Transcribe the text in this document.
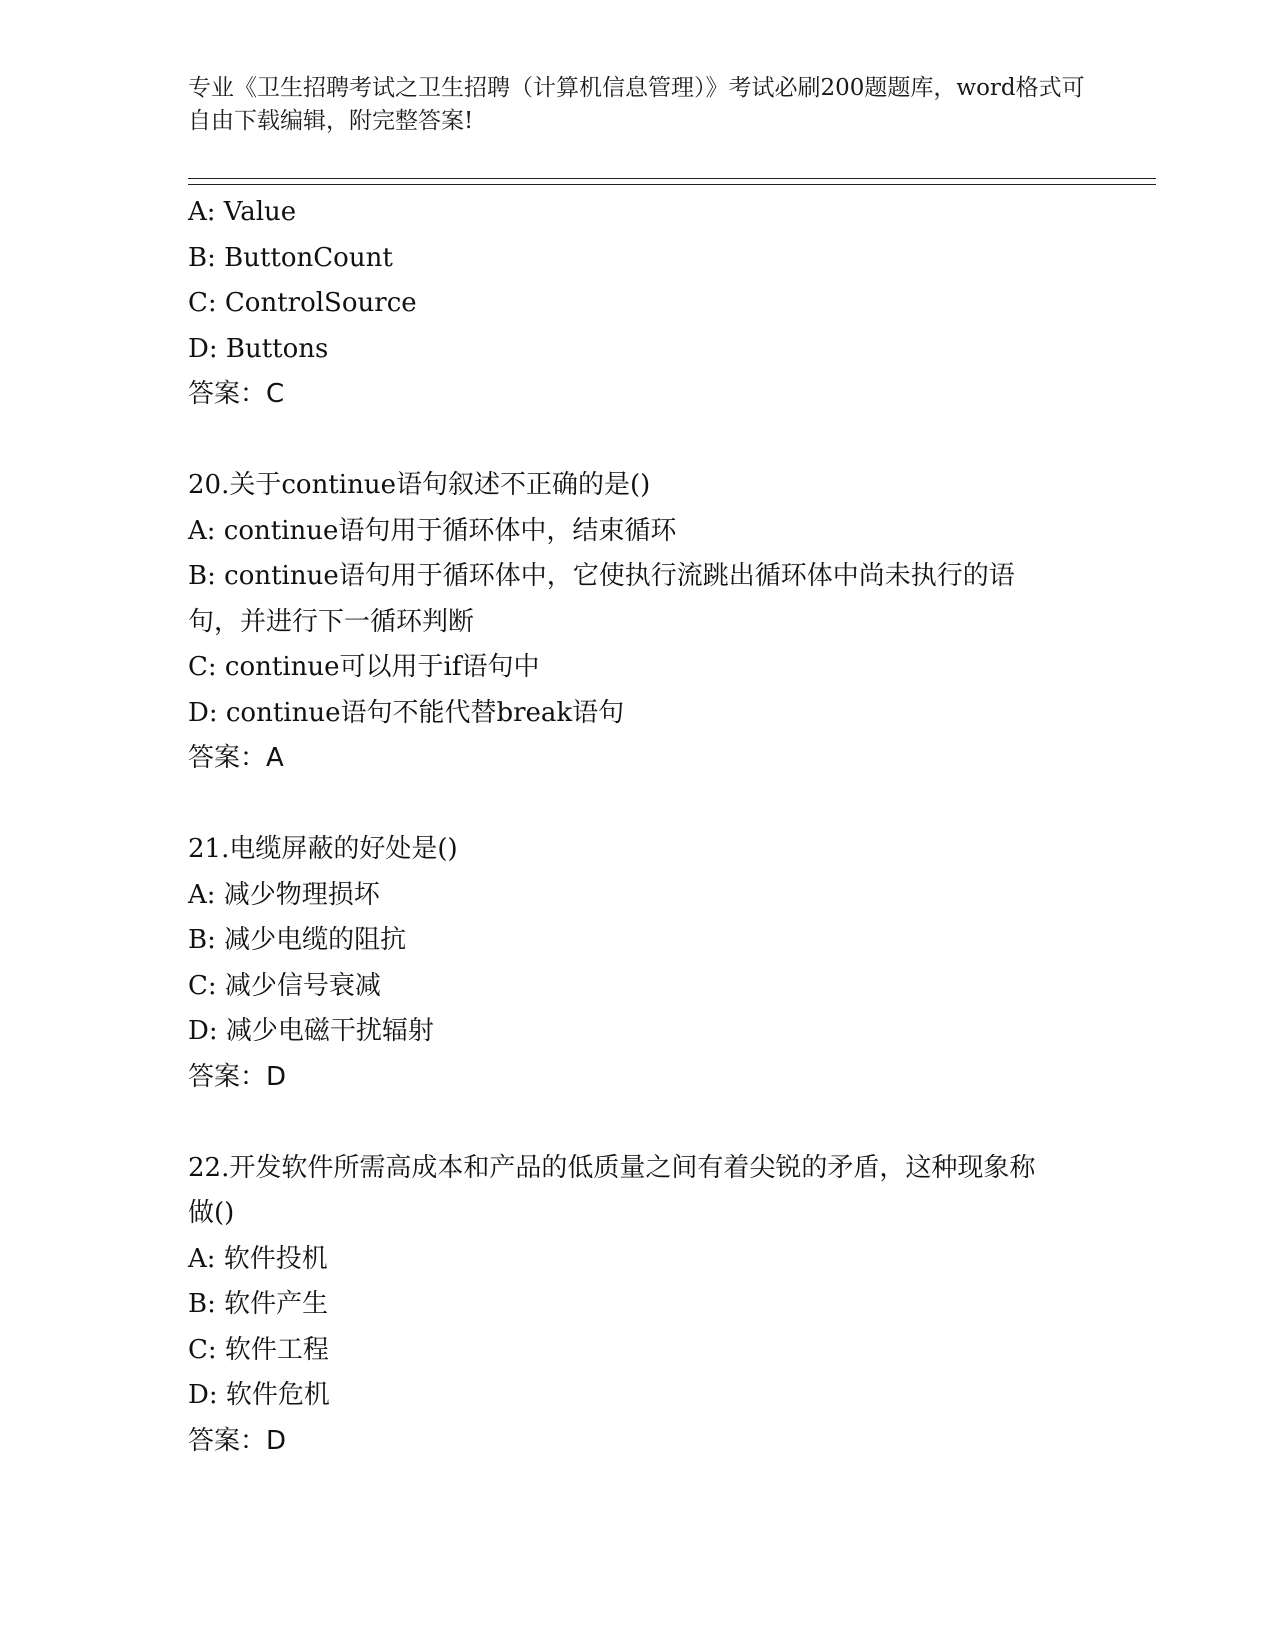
专业《卫生招聘考试之卫生招聘（计算机信息管理）》考试必刷200题题库，word格式可自由下载编辑，附完整答案!
A: Value
B: ButtonCount
C: ControlSource
D: Buttons
答案：C
20.关于continue语句叙述不正确的是()
A: continue语句用于循环体中，结束循环
B: continue语句用于循环体中，它使执行流跳出循环体中尚未执行的语句，并进行下一循环判断
C: continue可以用于if语句中
D: continue语句不能代替break语句
答案：A
21.电缆屏蔽的好处是()
A: 减少物理损坏
B: 减少电缆的阻抗
C: 减少信号衰减
D: 减少电磁干扰辐射
答案：D
22.开发软件所需高成本和产品的低质量之间有着尖锐的矛盾，这种现象称做()
A: 软件投机
B: 软件产生
C: 软件工程
D: 软件危机
答案：D
